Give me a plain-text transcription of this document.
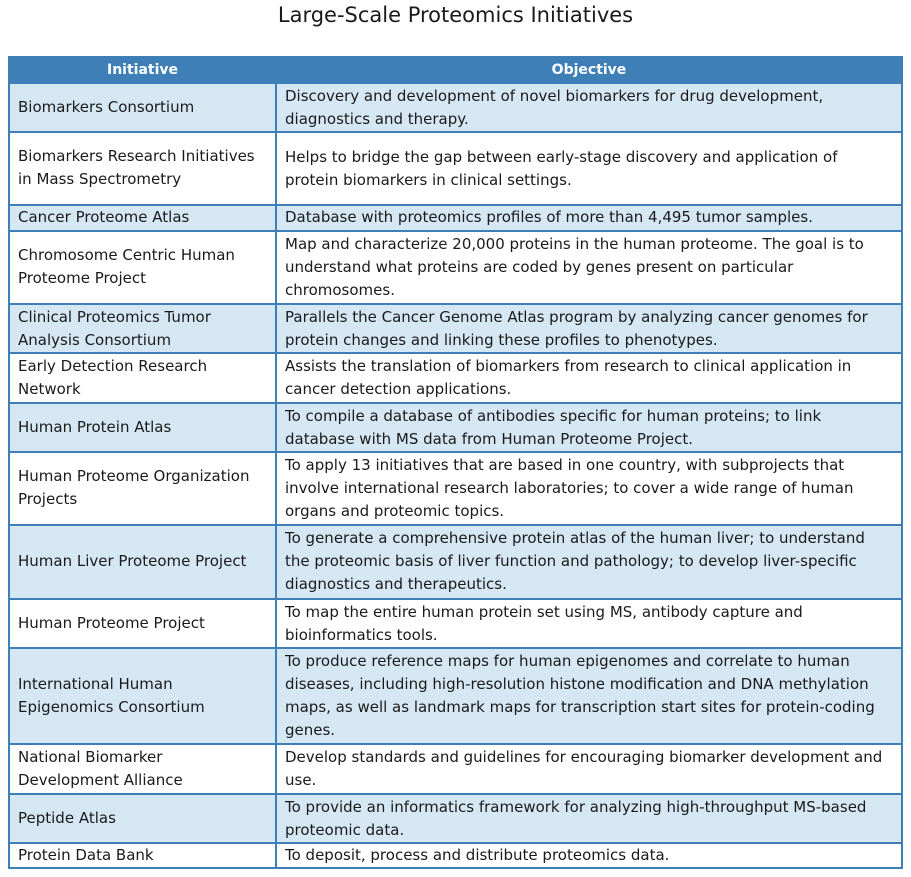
Large-Scale Proteomics Initiatives
Initiative	Objective
Biomarkers Consortium	Discovery and development of novel biomarkers for drug development, diagnostics and therapy.
Biomarkers Research Initiatives in Mass Spectrometry	Helps to bridge the gap between early-stage discovery and application of protein biomarkers in clinical settings.
Cancer Proteome Atlas	Database with proteomics profiles of more than 4,495 tumor samples.
Chromosome Centric Human Proteome Project	Map and characterize 20,000 proteins in the human proteome. The goal is to understand what proteins are coded by genes present on particular chromosomes.
Clinical Proteomics Tumor Analysis Consortium	Parallels the Cancer Genome Atlas program by analyzing cancer genomes for protein changes and linking these profiles to phenotypes.
Early Detection Research Network	Assists the translation of biomarkers from research to clinical application in cancer detection applications.
Human Protein Atlas	To compile a database of antibodies specific for human proteins; to link database with MS data from Human Proteome Project.
Human Proteome Organization Projects	To apply 13 initiatives that are based in one country, with subprojects that involve international research laboratories; to cover a wide range of human organs and proteomic topics.
Human Liver Proteome Project	To generate a comprehensive protein atlas of the human liver; to understand the proteomic basis of liver function and pathology; to develop liver-specific diagnostics and therapeutics.
Human Proteome Project	To map the entire human protein set using MS, antibody capture and bioinformatics tools.
International Human Epigenomics Consortium	To produce reference maps for human epigenomes and correlate to human diseases, including high-resolution histone modification and DNA methylation maps, as well as landmark maps for transcription start sites for protein-coding genes.
National Biomarker Development Alliance	Develop standards and guidelines for encouraging biomarker development and use.
Peptide Atlas	To provide an informatics framework for analyzing high-throughput MS-based proteomic data.
Protein Data Bank	To deposit, process and distribute proteomics data.
